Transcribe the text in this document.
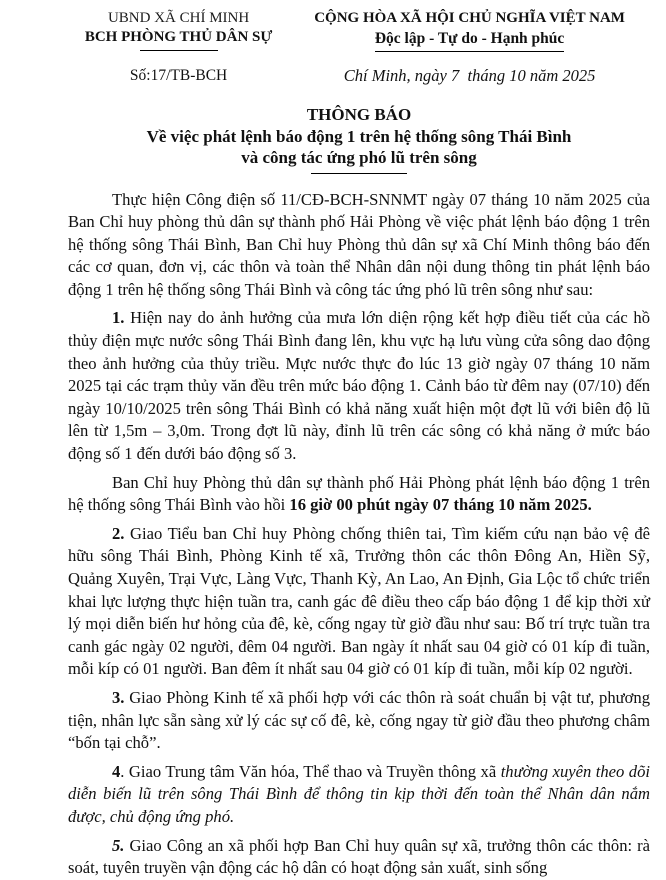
UBND XÃ CHÍ MINH
BCH PHÒNG THỦ DÂN SỰ
Số:17/TB-BCH
CỘNG HÒA XÃ HỘI CHỦ NGHĨA VIỆT NAM
Độc lập - Tự do - Hạnh phúc
Chí Minh, ngày 7  tháng 10 năm 2025
THÔNG BÁO
Về việc phát lệnh báo động 1 trên hệ thống sông Thái Bình
và công tác ứng phó lũ trên sông

Thực hiện Công điện số 11/CĐ-BCH-SNNMT ngày 07 tháng 10 năm 2025 của Ban Chỉ huy phòng thủ dân sự thành phố Hải Phòng về việc phát lệnh báo động 1 trên hệ thống sông Thái Bình, Ban Chỉ huy Phòng thủ dân sự xã Chí Minh thông báo đến các cơ quan, đơn vị, các thôn và toàn thể Nhân dân nội dung thông tin phát lệnh báo động 1 trên hệ thống sông Thái Bình và công tác ứng phó lũ trên sông như sau:

1. Hiện nay do ảnh hưởng của mưa lớn diện rộng kết hợp điều tiết của các hồ thủy điện mực nước sông Thái Bình đang lên, khu vực hạ lưu vùng cửa sông dao động theo ảnh hưởng của thủy triều. Mực nước thực đo lúc 13 giờ ngày 07 tháng 10 năm 2025 tại các trạm thủy văn đều trên mức báo động 1. Cảnh báo từ đêm nay (07/10) đến ngày 10/10/2025 trên sông Thái Bình có khả năng xuất hiện một đợt lũ với biên độ lũ lên từ 1,5m – 3,0m. Trong đợt lũ này, đỉnh lũ trên các sông có khả năng ở mức báo động số 1 đến dưới báo động số 3.

Ban Chỉ huy Phòng thủ dân sự thành phố Hải Phòng phát lệnh báo động 1 trên hệ thống sông Thái Bình vào hồi 16 giờ 00 phút ngày 07 tháng 10 năm 2025.

2. Giao Tiểu ban Chỉ huy Phòng chống thiên tai, Tìm kiếm cứu nạn bảo vệ đê hữu sông Thái Bình, Phòng Kinh tế xã, Trưởng thôn các thôn Đông An, Hiền Sỹ, Quảng Xuyên, Trại Vực, Làng Vực, Thanh Kỳ, An Lao, An Định, Gia Lộc tổ chức triển khai lực lượng thực hiện tuần tra, canh gác đê điều theo cấp báo động 1 để kịp thời xử lý mọi diễn biến hư hỏng của đê, kè, cống ngay từ giờ đầu như sau: Bố trí trực tuần tra canh gác ngày 02 người, đêm 04 người. Ban ngày ít nhất sau 04 giờ có 01 kíp đi tuần, mỗi kíp có 01 người. Ban đêm ít nhất sau 04 giờ có 01 kíp đi tuần, mỗi kíp 02 người.

3. Giao Phòng Kinh tế xã phối hợp với các thôn rà soát chuẩn bị vật tư, phương tiện, nhân lực sẵn sàng xử lý các sự cố đê, kè, cống ngay từ giờ đầu theo phương châm “bốn tại chỗ”.

4. Giao Trung tâm Văn hóa, Thể thao và Truyền thông xã thường xuyên theo dõi diễn biến lũ trên sông Thái Bình để thông tin kịp thời đến toàn thể Nhân dân nắm được, chủ động ứng phó.

5. Giao Công an xã phối hợp Ban Chỉ huy quân sự xã, trưởng thôn các thôn: rà soát, tuyên truyền vận động các hộ dân có hoạt động sản xuất, sinh sống
